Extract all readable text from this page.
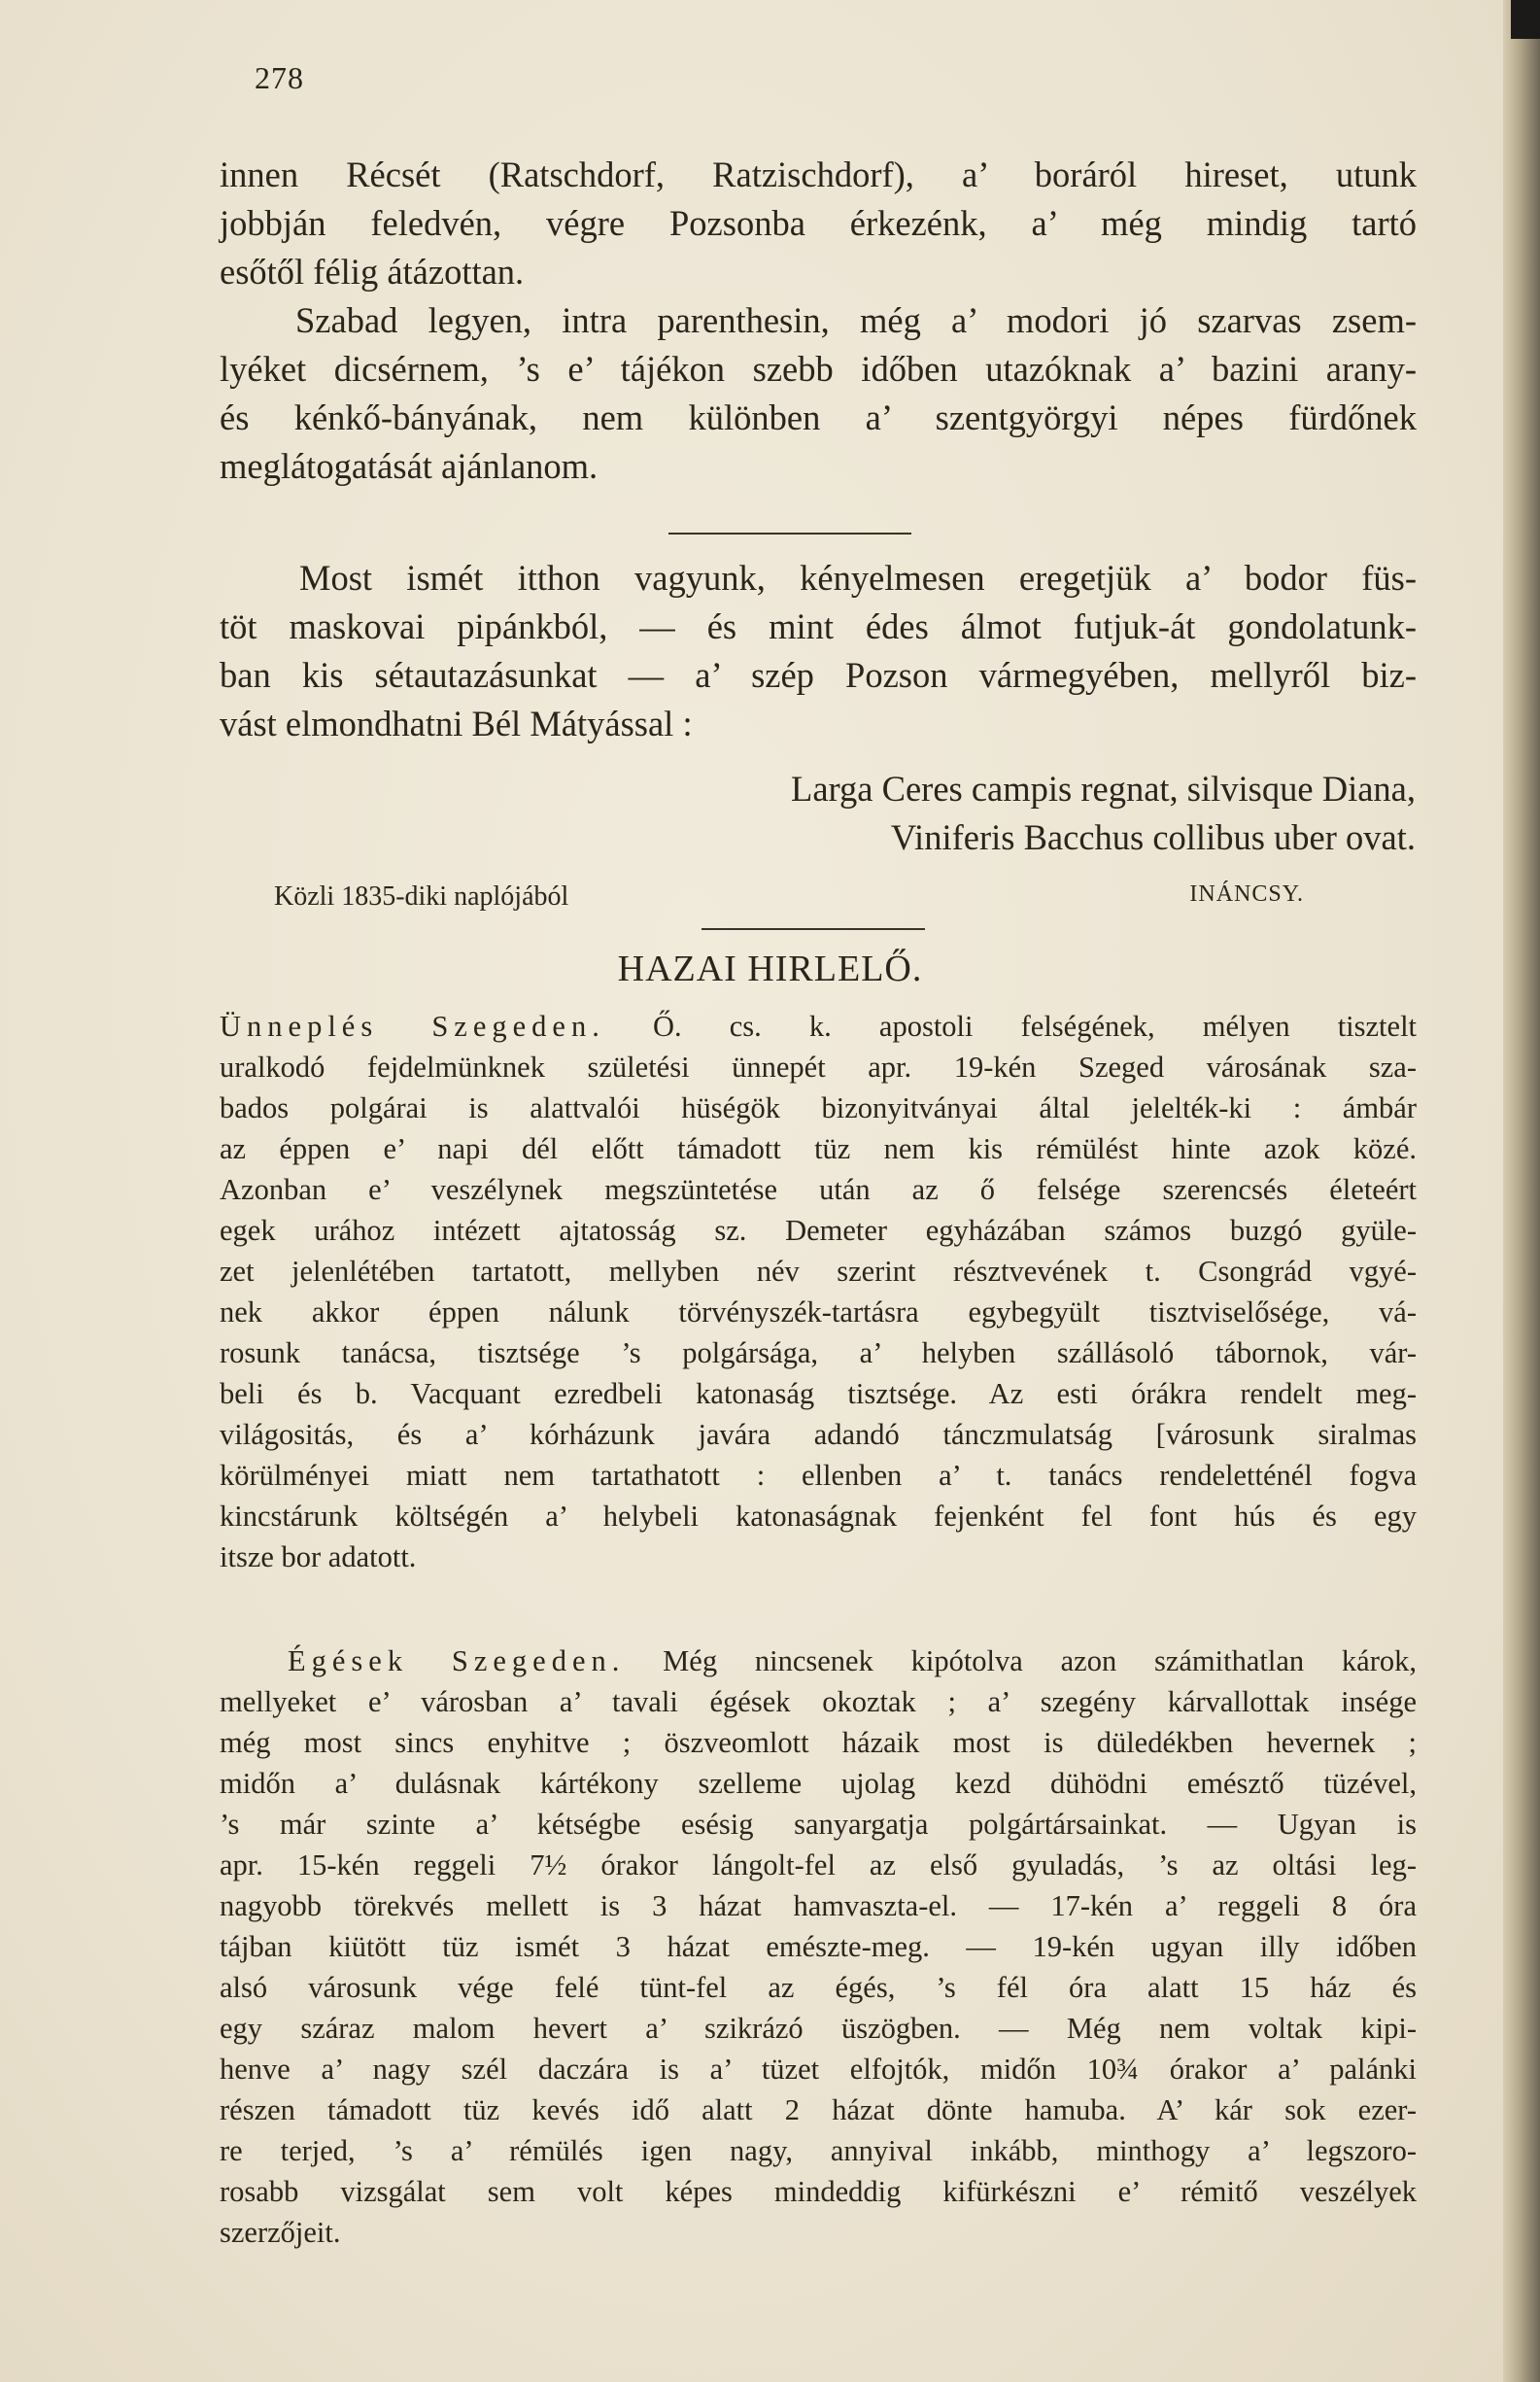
278
innen Récsét (Ratschdorf, Ratzischdorf), a’ boráról hireset, utunk
jobbján feledvén, végre Pozsonba érkezénk, a’ még mindig tartó
esőtől félig átázottan.
Szabad legyen, intra parenthesin, még a’ modori jó szarvas zsem-
lyéket dicsérnem, ’s e’ tájékon szebb időben utazóknak a’ bazini arany-
és kénkő-bányának, nem különben a’ szentgyörgyi népes fürdőnek
meglátogatását ajánlanom.
Most ismét itthon vagyunk, kényelmesen eregetjük a’ bodor füs-
töt maskovai pipánkból, — és mint édes álmot futjuk-át gondolatunk-
ban kis sétautazásunkat — a’ szép Pozson vármegyében, mellyről biz-
vást elmondhatni Bél Mátyással :
Larga Ceres campis regnat, silvisque Diana,
Viniferis Bacchus collibus uber ovat.
Közli 1835-diki naplójából	INÁNCSY.
HAZAI HIRLELŐ.
Ünneplés Szegeden. Ő. cs. k. apostoli felségének, mélyen tisztelt
uralkodó fejdelmünknek születési ünnepét apr. 19-kén Szeged városának sza-
bados polgárai is alattvalói hüségök bizonyitványai által jelelték-ki : ámbár
az éppen e’ napi dél előtt támadott tüz nem kis rémülést hinte azok közé.
Azonban e’ veszélynek megszüntetése után az ő felsége szerencsés életeért
egek urához intézett ajtatosság sz. Demeter egyházában számos buzgó gyüle-
zet jelenlétében tartatott, mellyben név szerint résztvevének t. Csongrád vgyé-
nek akkor éppen nálunk törvényszék-tartásra egybegyült tisztviselősége, vá-
rosunk tanácsa, tisztsége ’s polgársága, a’ helyben szállásoló tábornok, vár-
beli és b. Vacquant ezredbeli katonaság tisztsége. Az esti órákra rendelt meg-
világositás, és a’ kórházunk javára adandó tánczmulatság [városunk siralmas
körülményei miatt nem tartathatott : ellenben a’ t. tanács rendeletténél fogva
kincstárunk költségén a’ helybeli katonaságnak fejenként fel font hús és egy
itsze bor adatott.
Égések Szegeden. Még nincsenek kipótolva azon számithatlan károk,
mellyeket e’ városban a’ tavali égések okoztak ; a’ szegény kárvallottak insége
még most sincs enyhitve ; öszveomlott házaik most is düledékben hevernek ;
midőn a’ dulásnak kártékony szelleme ujolag kezd dühödni emésztő tüzével,
’s már szinte a’ kétségbe esésig sanyargatja polgártársainkat. — Ugyan is
apr. 15-kén reggeli 7½ órakor lángolt-fel az első gyuladás, ’s az oltási leg-
nagyobb törekvés mellett is 3 házat hamvaszta-el. — 17-kén a’ reggeli 8 óra
tájban kiütött tüz ismét 3 házat emészte-meg. — 19-kén ugyan illy időben
alsó városunk vége felé tünt-fel az égés, ’s fél óra alatt 15 ház és
egy száraz malom hevert a’ szikrázó üszögben. — Még nem voltak kipi-
henve a’ nagy szél daczára is a’ tüzet elfojtók, midőn 10¾ órakor a’ palánki
részen támadott tüz kevés idő alatt 2 házat dönte hamuba. A’ kár sok ezer-
re terjed, ’s a’ rémülés igen nagy, annyival inkább, minthogy a’ legszoro-
rosabb vizsgálat sem volt képes mindeddig kifürkészni e’ rémitő veszélyek
szerzőjeit.
